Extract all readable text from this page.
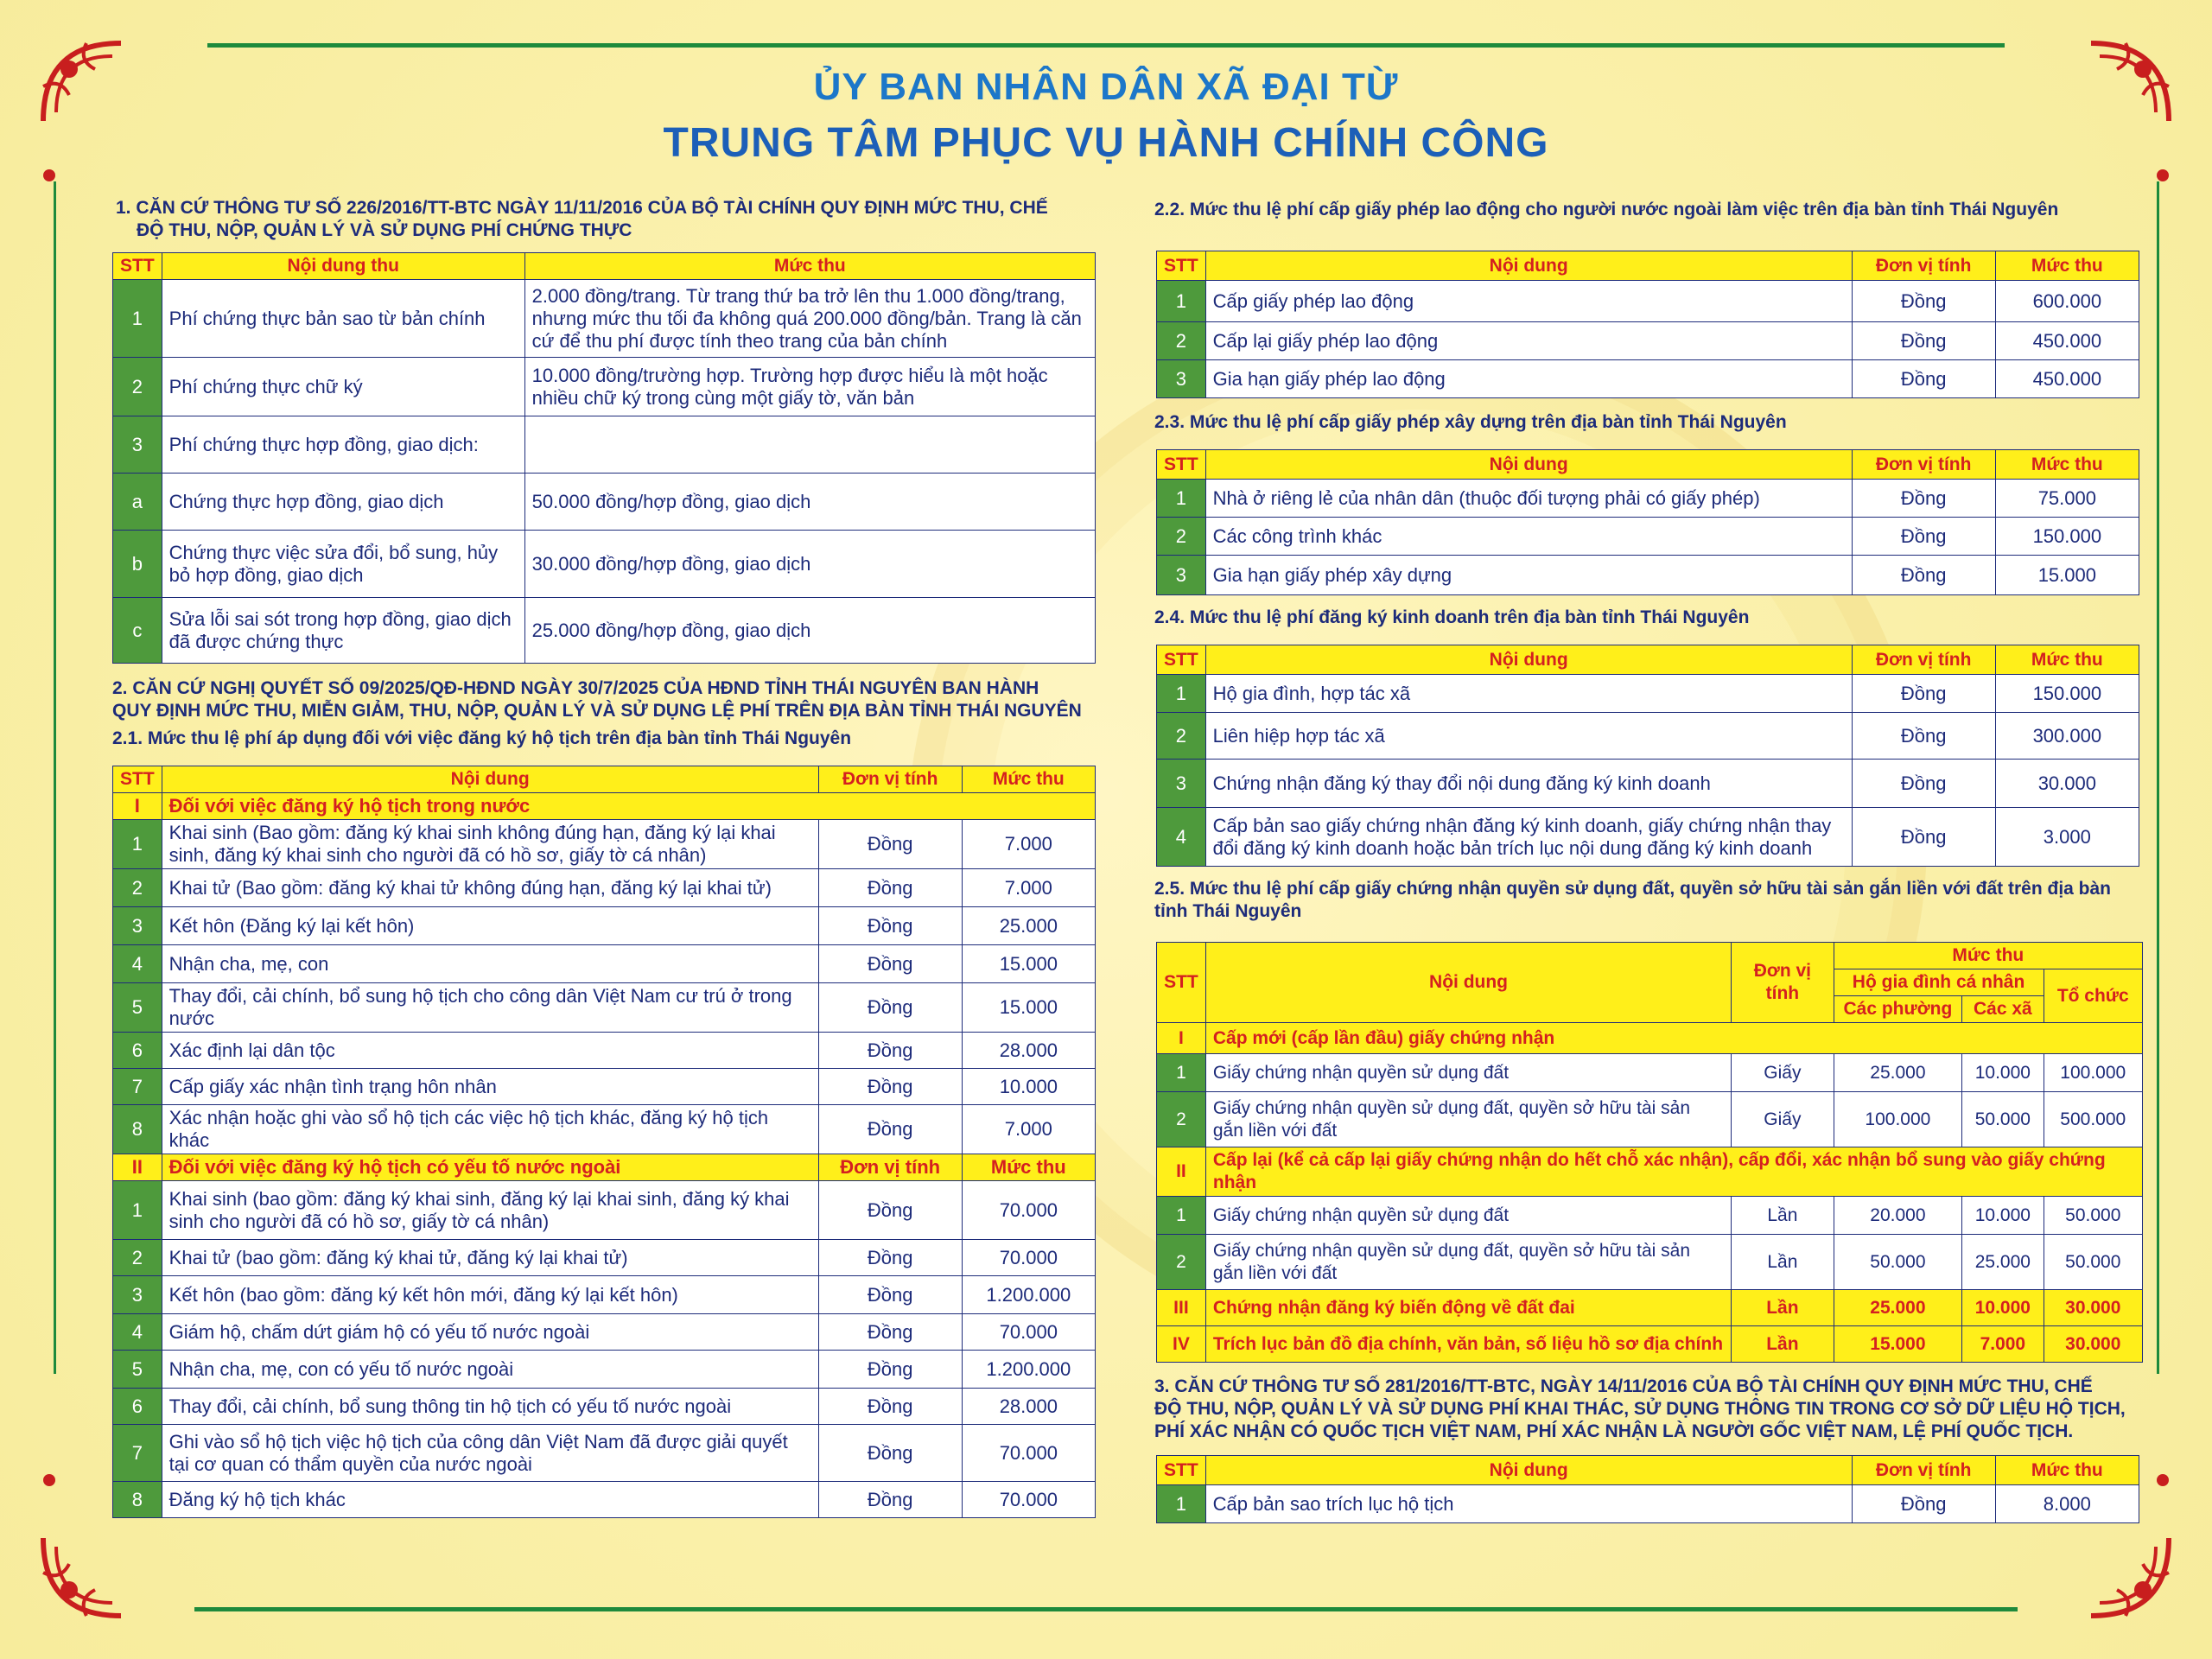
ỦY BAN NHÂN DÂN XÃ ĐẠI TỪ
TRUNG TÂM PHỤC VỤ HÀNH CHÍNH CÔNG
1. CĂN CỨ THÔNG TƯ SỐ 226/2016/TT-BTC NGÀY 11/11/2016 CỦA BỘ TÀI CHÍNH QUY ĐỊNH MỨC THU, CHẾ
ĐỘ THU, NỘP, QUẢN LÝ VÀ SỬ DỤNG PHÍ CHỨNG THỰC
STT	Nội dung thu	Mức thu
1	Phí chứng thực bản sao từ bản chính	2.000 đồng/trang. Từ trang thứ ba trở lên thu 1.000 đồng/trang, nhưng mức thu tối đa không quá 200.000 đồng/bản. Trang là căn cứ để thu phí được tính theo trang của bản chính
2	Phí chứng thực chữ ký	10.000 đồng/trường hợp. Trường hợp được hiểu là một hoặc nhiều chữ ký trong cùng một giấy tờ, văn bản
3	Phí chứng thực hợp đồng, giao dịch:	
a	Chứng thực hợp đồng, giao dịch	50.000 đồng/hợp đồng, giao dịch
b	Chứng thực việc sửa đổi, bổ sung, hủy bỏ hợp đồng, giao dịch	30.000 đồng/hợp đồng, giao dịch
c	Sửa lỗi sai sót trong hợp đồng, giao dịch đã được chứng thực	25.000 đồng/hợp đồng, giao dịch
2. CĂN CỨ NGHỊ QUYẾT SỐ 09/2025/QĐ-HĐND NGÀY 30/7/2025 CỦA HĐND TỈNH THÁI NGUYÊN BAN HÀNH
QUY ĐỊNH MỨC THU, MIỄN GIẢM, THU, NỘP, QUẢN LÝ VÀ SỬ DỤNG LỆ PHÍ TRÊN ĐỊA BÀN TỈNH THÁI NGUYÊN
2.1. Mức thu lệ phí áp dụng đối với việc đăng ký hộ tịch trên địa bàn tỉnh Thái Nguyên
STT	Nội dung	Đơn vị tính	Mức thu
I	Đối với việc đăng ký hộ tịch trong nước		
1	Khai sinh (Bao gồm: đăng ký khai sinh không đúng hạn, đăng ký lại khai sinh, đăng ký khai sinh cho người đã có hồ sơ, giấy tờ cá nhân)	Đồng	7.000
2	Khai tử (Bao gồm: đăng ký khai tử không đúng hạn, đăng ký lại khai tử)	Đồng	7.000
3	Kết hôn (Đăng ký lại kết hôn)	Đồng	25.000
4	Nhận cha, mẹ, con	Đồng	15.000
5	Thay đổi, cải chính, bổ sung hộ tịch cho công dân Việt Nam cư trú ở trong nước	Đồng	15.000
6	Xác định lại dân tộc	Đồng	28.000
7	Cấp giấy xác nhận tình trạng hôn nhân	Đồng	10.000
8	Xác nhận hoặc ghi vào sổ hộ tịch các việc hộ tịch khác, đăng ký hộ tịch khác	Đồng	7.000
II	Đối với việc đăng ký hộ tịch có yếu tố nước ngoài	Đơn vị tính	Mức thu
1	Khai sinh (bao gồm: đăng ký khai sinh, đăng ký lại khai sinh, đăng ký khai sinh cho người đã có hồ sơ, giấy tờ cá nhân)	Đồng	70.000
2	Khai tử (bao gồm: đăng ký khai tử, đăng ký lại khai tử)	Đồng	70.000
3	Kết hôn (bao gồm: đăng ký kết hôn mới, đăng ký lại kết hôn)	Đồng	1.200.000
4	Giám hộ, chấm dứt giám hộ có yếu tố nước ngoài	Đồng	70.000
5	Nhận cha, mẹ, con có yếu tố nước ngoài	Đồng	1.200.000
6	Thay đổi, cải chính, bổ sung thông tin hộ tịch có yếu tố nước ngoài	Đồng	28.000
7	Ghi vào sổ hộ tịch việc hộ tịch của công dân Việt Nam đã được giải quyết tại cơ quan có thẩm quyền của nước ngoài	Đồng	70.000
8	Đăng ký hộ tịch khác	Đồng	70.000
2.2. Mức thu lệ phí cấp giấy phép lao động cho người nước ngoài làm việc trên địa bàn tỉnh Thái Nguyên
STT	Nội dung	Đơn vị tính	Mức thu
1	Cấp giấy phép lao động	Đồng	600.000
2	Cấp lại giấy phép lao động	Đồng	450.000
3	Gia hạn giấy phép lao động	Đồng	450.000
2.3. Mức thu lệ phí cấp giấy phép xây dựng trên địa bàn tỉnh Thái Nguyên
STT	Nội dung	Đơn vị tính	Mức thu
1	Nhà ở riêng lẻ của nhân dân (thuộc đối tượng phải có giấy phép)	Đồng	75.000
2	Các công trình khác	Đồng	150.000
3	Gia hạn giấy phép xây dựng	Đồng	15.000
2.4. Mức thu lệ phí đăng ký kinh doanh trên địa bàn tỉnh Thái Nguyên
STT	Nội dung	Đơn vị tính	Mức thu
1	Hộ gia đình, hợp tác xã	Đồng	150.000
2	Liên hiệp hợp tác xã	Đồng	300.000
3	Chứng nhận đăng ký thay đổi nội dung đăng ký kinh doanh	Đồng	30.000
4	Cấp bản sao giấy chứng nhận đăng ký kinh doanh, giấy chứng nhận thay đổi đăng ký kinh doanh hoặc bản trích lục nội dung đăng ký kinh doanh	Đồng	3.000
2.5. Mức thu lệ phí cấp giấy chứng nhận quyền sử dụng đất, quyền sở hữu tài sản gắn liền với đất trên địa bàn
tỉnh Thái Nguyên
STT	Nội dung	Đơn vị tính	Mức thu		
			Hộ gia đình cá nhân		Tổ chức
			Các phường	Các xã	
I	Cấp mới (cấp lần đầu) giấy chứng nhận				
1	Giấy chứng nhận quyền sử dụng đất	Giấy	25.000	10.000	100.000
2	Giấy chứng nhận quyền sử dụng đất, quyền sở hữu tài sản gắn liền với đất	Giấy	100.000	50.000	500.000
II	Cấp lại (kể cả cấp lại giấy chứng nhận do hết chỗ xác nhận), cấp đổi, xác nhận bổ sung vào giấy chứng nhận				
1	Giấy chứng nhận quyền sử dụng đất	Lần	20.000	10.000	50.000
2	Giấy chứng nhận quyền sử dụng đất, quyền sở hữu tài sản gắn liền với đất	Lần	50.000	25.000	50.000
III	Chứng nhận đăng ký biến động về đất đai	Lần	25.000	10.000	30.000
IV	Trích lục bản đồ địa chính, văn bản, số liệu hồ sơ địa chính	Lần	15.000	7.000	30.000
3. CĂN CỨ THÔNG TƯ SỐ 281/2016/TT-BTC, NGÀY 14/11/2016 CỦA BỘ TÀI CHÍNH QUY ĐỊNH MỨC THU, CHẾ
ĐỘ THU, NỘP, QUẢN LÝ VÀ SỬ DỤNG PHÍ KHAI THÁC, SỬ DỤNG THÔNG TIN TRONG CƠ SỞ DỮ LIỆU HỘ TỊCH,
PHÍ XÁC NHẬN CÓ QUỐC TỊCH VIỆT NAM, PHÍ XÁC NHẬN LÀ NGƯỜI GỐC VIỆT NAM, LỆ PHÍ QUỐC TỊCH.
STT	Nội dung	Đơn vị tính	Mức thu
1	Cấp bản sao trích lục hộ tịch	Đồng	8.000
